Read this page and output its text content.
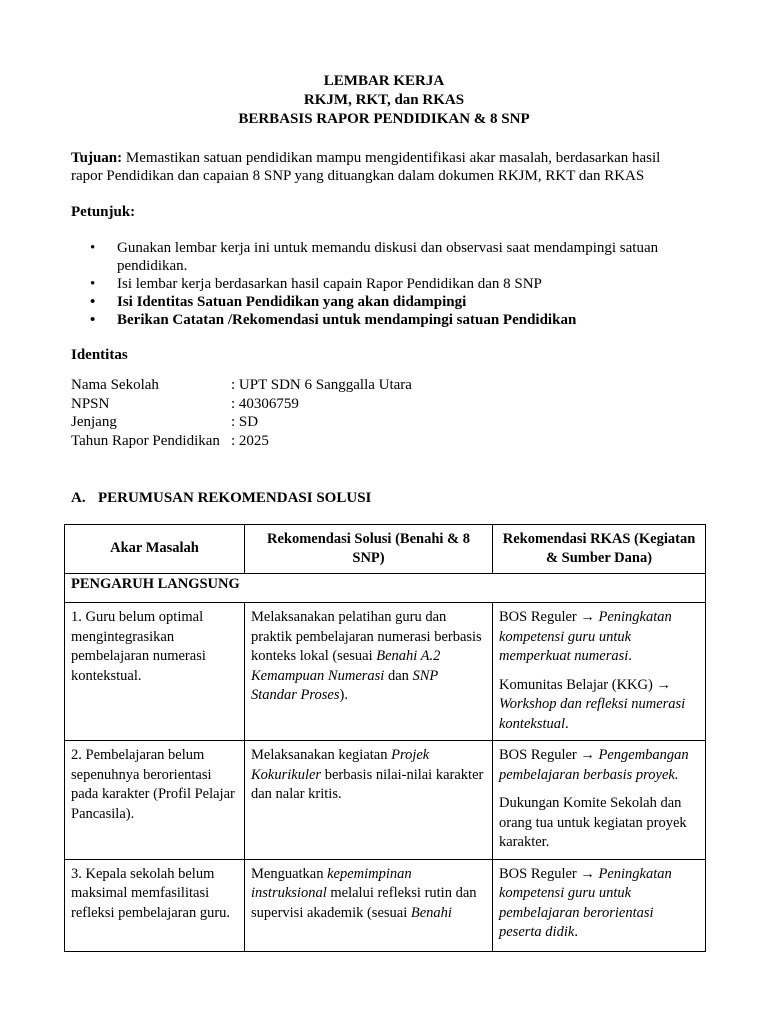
LEMBAR KERJA
RKJM, RKT, dan RKAS
BERBASIS RAPOR PENDIDIKAN & 8 SNP
Tujuan: Memastikan satuan pendidikan mampu mengidentifikasi akar masalah, berdasarkan hasil rapor Pendidikan dan capaian 8 SNP yang dituangkan dalam dokumen RKJM, RKT dan RKAS
Petunjuk:
• Gunakan lembar kerja ini untuk memandu diskusi dan observasi saat mendampingi satuan pendidikan.
• Isi lembar kerja berdasarkan hasil capain Rapor Pendidikan dan 8 SNP
• Isi Identitas Satuan Pendidikan yang akan didampingi
• Berikan Catatan /Rekomendasi untuk mendampingi satuan Pendidikan
Identitas
Nama Sekolah	: UPT SDN 6 Sanggalla Utara
NPSN	: 40306759
Jenjang	: SD
Tahun Rapor Pendidikan : 2025
A. PERUMUSAN REKOMENDASI SOLUSI
Akar Masalah	Rekomendasi Solusi (Benahi & 8 SNP)	Rekomendasi RKAS (Kegiatan & Sumber Dana)
PENGARUH LANGSUNG		
1. Guru belum optimal mengintegrasikan pembelajaran numerasi kontekstual.	Melaksanakan pelatihan guru dan praktik pembelajaran numerasi berbasis konteks lokal (sesuai Benahi A.2 Kemampuan Numerasi dan SNP Standar Proses).	BOS Reguler → Peningkatan kompetensi guru untuk memperkuat numerasi.
Komunitas Belajar (KKG) → Workshop dan refleksi numerasi kontekstual.

2. Pembelajaran belum sepenuhnya berorientasi pada karakter (Profil Pelajar Pancasila).	Melaksanakan kegiatan Projek Kokurikuler berbasis nilai-nilai karakter dan nalar kritis.	BOS Reguler → Pengembangan pembelajaran berbasis proyek.
Dukungan Komite Sekolah dan orang tua untuk kegiatan proyek karakter.

3. Kepala sekolah belum maksimal memfasilitasi refleksi pembelajaran guru.	Menguatkan kepemimpinan instruksional melalui refleksi rutin dan supervisi akademik (sesuai Benahi	BOS Reguler → Peningkatan kompetensi guru untuk pembelajaran berorientasi peserta didik.
